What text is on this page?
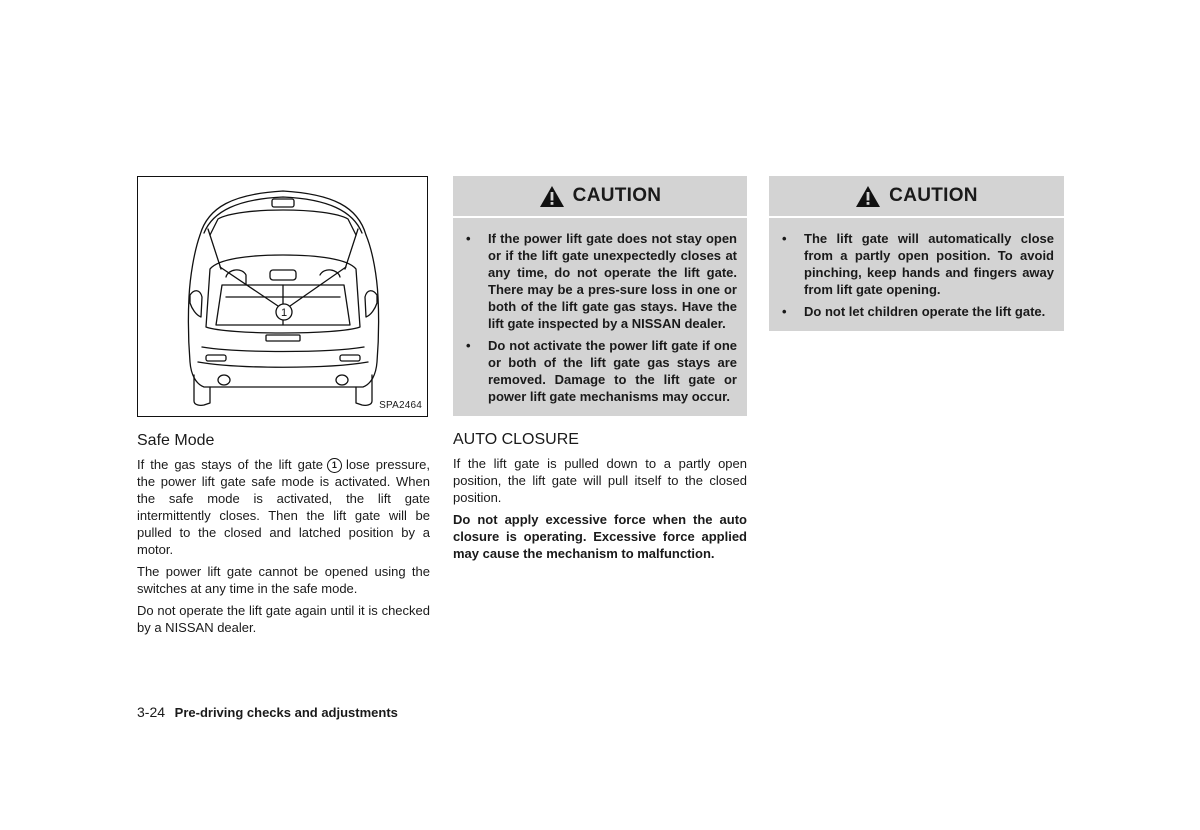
1
SPA2464
Safe Mode

If the gas stays of the lift gate 1 lose pressure, the power lift gate safe mode is activated. When the safe mode is activated, the lift gate intermittently closes. Then the lift gate will be pulled to the closed and latched position by a motor.

The power lift gate cannot be opened using the switches at any time in the safe mode.

Do not operate the lift gate again until it is checked by a NISSAN dealer.

CAUTION
• If the power lift gate does not stay open or if the lift gate unexpectedly closes at any time, do not operate the lift gate. There may be a pres-sure loss in one or both of the lift gate gas stays. Have the lift gate inspected by a NISSAN dealer.
• Do not activate the power lift gate if one or both of the lift gate gas stays are removed. Damage to the lift gate or power lift gate mechanisms may occur.
AUTO CLOSURE

If the lift gate is pulled down to a partly open position, the lift gate will pull itself to the closed position.

Do not apply excessive force when the auto closure is operating. Excessive force applied may cause the mechanism to malfunction.

CAUTION
• The lift gate will automatically close from a partly open position. To avoid pinching, keep hands and fingers away from lift gate opening.
• Do not let children operate the lift gate.
3-24 Pre-driving checks and adjustments
